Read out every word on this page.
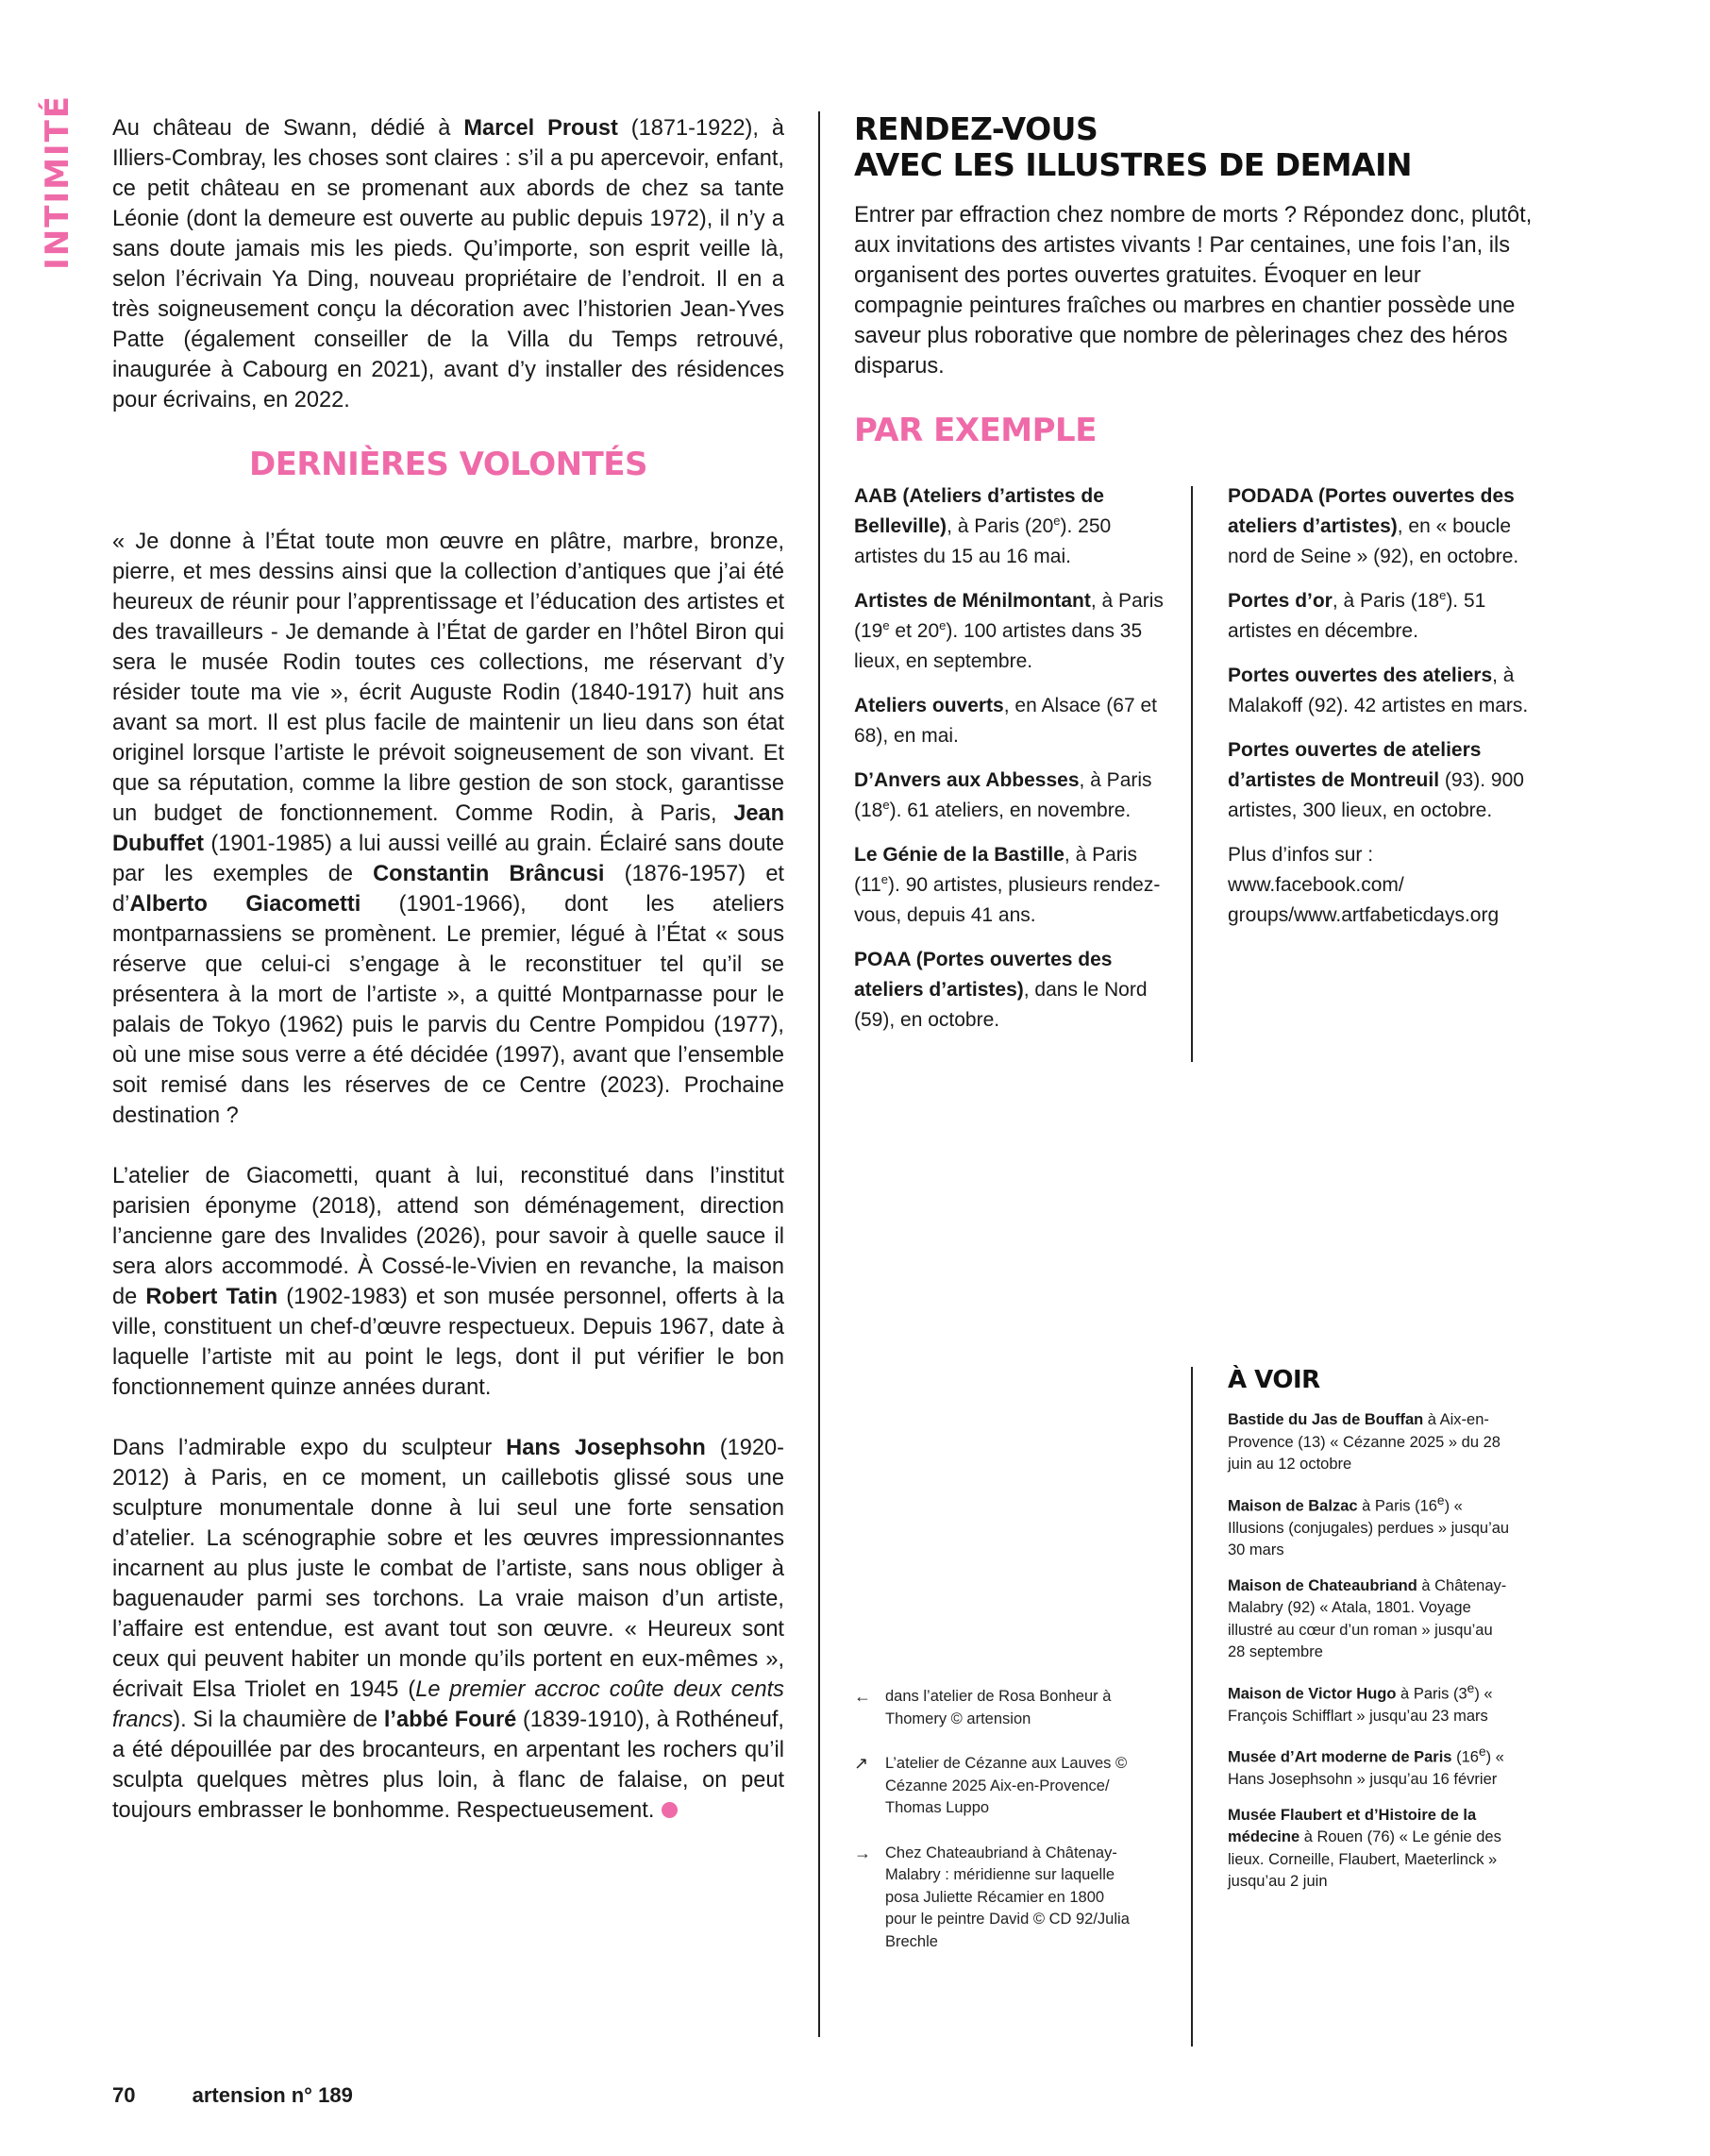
INTIMITÉ Au château de Swann, dédié à Marcel Proust (1871-1922), à Illiers-Combray, les choses sont claires : s’il a pu apercevoir, enfant, ce petit château en se promenant aux abords de chez sa tante Léonie (dont la demeure est ouverte au public depuis 1972), il n’y a sans doute jamais mis les pieds. Qu’importe, son esprit veille là, selon l’écrivain Ya Ding, nouveau propriétaire de l’endroit. Il en a très soigneusement conçu la décoration avec l’historien Jean-Yves Patte (également conseiller de la Villa du Temps retrouvé, inaugurée à Cabourg en 2021), avant d’y installer des résidences pour écrivains, en 2022.

DERNIÈRES VOLONTÉS

« Je donne à l’État toute mon œuvre en plâtre, marbre, bronze, pierre, et mes dessins ainsi que la collection d’antiques que j’ai été heureux de réunir pour l’apprentissage et l’éducation des artistes et des travailleurs - Je demande à l’État de garder en l’hôtel Biron qui sera le musée Rodin toutes ces collections, me réservant d’y résider toute ma vie », écrit Auguste Rodin (1840-1917) huit ans avant sa mort. Il est plus facile de maintenir un lieu dans son état originel lorsque l’artiste le prévoit soigneusement de son vivant. Et que sa réputation, comme la libre gestion de son stock, garantisse un budget de fonctionnement. Comme Rodin, à Paris, Jean Dubuffet (1901-1985) a lui aussi veillé au grain. Éclairé sans doute par les exemples de Constantin Brâncusi (1876-1957) et d’Alberto Giacometti (1901-1966), dont les ateliers montparnassiens se promènent. Le premier, légué à l’État « sous réserve que celui-ci s’engage à le reconstituer tel qu’il se présentera à la mort de l’artiste », a quitté Montparnasse pour le palais de Tokyo (1962) puis le parvis du Centre Pompidou (1977), où une mise sous verre a été décidée (1997), avant que l’ensemble soit remisé dans les réserves de ce Centre (2023). Prochaine destination ?

L’atelier de Giacometti, quant à lui, reconstitué dans l’institut parisien éponyme (2018), attend son déménagement, direction l’ancienne gare des Invalides (2026), pour savoir à quelle sauce il sera alors accommodé. À Cossé-le-Vivien en revanche, la maison de Robert Tatin (1902-1983) et son musée personnel, offerts à la ville, constituent un chef-d’œuvre respectueux. Depuis 1967, date à laquelle l’artiste mit au point le legs, dont il put vérifier le bon fonctionnement quinze années durant.

Dans l’admirable expo du sculpteur Hans Josephsohn (1920-2012) à Paris, en ce moment, un caillebotis glissé sous une sculpture monumentale donne à lui seul une forte sensation d’atelier. La scénographie sobre et les œuvres impressionnantes incarnent au plus juste le combat de l’artiste, sans nous obliger à baguenauder parmi ses torchons. La vraie maison d’un artiste, l’affaire est entendue, est avant tout son œuvre. « Heureux sont ceux qui peuvent habiter un monde qu’ils portent en eux-mêmes », écrivait Elsa Triolet en 1945 (Le premier accroc coûte deux cents francs). Si la chaumière de l’abbé Fouré (1839-1910), à Rothéneuf, a été dépouillée par des brocanteurs, en arpentant les rochers qu’il sculpta quelques mètres plus loin, à flanc de falaise, on peut toujours embrasser le bonhomme. Respectueusement.

RENDEZ-VOUS
AVEC LES ILLUSTRES DE DEMAIN
Entrer par effraction chez nombre de morts ? Répondez donc, plutôt, aux invitations des artistes vivants ! Par centaines, une fois l’an, ils organisent des portes ouvertes gratuites. Évoquer en leur compagnie peintures fraîches ou marbres en chantier possède une saveur plus roborative que nombre de pèlerinages chez des héros disparus.
PAR EXEMPLE
AAB (Ateliers d’artistes de Belleville), à Paris (20e). 250 artistes du 15 au 16 mai.
Artistes de Ménilmontant, à Paris (19e et 20e). 100 artistes dans 35 lieux, en septembre.
Ateliers ouverts, en Alsace (67 et 68), en mai.
D’Anvers aux Abbesses, à Paris (18e). 61 ateliers, en novembre.
Le Génie de la Bastille, à Paris (11e). 90 artistes, plusieurs rendez-vous, depuis 41 ans.
POAA (Portes ouvertes des ateliers d’artistes), dans le Nord (59), en octobre.
PODADA (Portes ouvertes des ateliers d’artistes), en « boucle nord de Seine » (92), en octobre.
Portes d’or, à Paris (18e). 51 artistes en décembre.
Portes ouvertes des ateliers, à Malakoff (92). 42 artistes en mars.
Portes ouvertes de ateliers d’artistes de Montreuil (93). 900 artistes, 300 lieux, en octobre.
Plus d’infos sur : www.facebook.com/ groups/www.artfabeticdays.org
À VOIR
Bastide du Jas de Bouffan à Aix-en-Provence (13) « Cézanne 2025 » du 28 juin au 12 octobre
Maison de Balzac à Paris (16e) « Illusions (conjugales) perdues » jusqu’au 30 mars
Maison de Chateaubriand à Châtenay-Malabry (92) « Atala, 1801. Voyage illustré au cœur d’un roman » jusqu’au 28 septembre
Maison de Victor Hugo à Paris (3e) « François Schifflart » jusqu’au 23 mars
Musée d’Art moderne de Paris (16e) « Hans Josephsohn » jusqu’au 16 février
Musée Flaubert et d’Histoire de la médecine à Rouen (76) « Le génie des lieux. Corneille, Flaubert, Maeterlinck » jusqu’au 2 juin
← dans l’atelier de Rosa Bonheur à Thomery © artension
↗ L’atelier de Cézanne aux Lauves © Cézanne 2025 Aix-en-Provence/ Thomas Luppo
→ Chez Chateaubriand à Châtenay-Malabry : méridienne sur laquelle posa Juliette Récamier en 1800 pour le peintre David © CD 92/Julia Brechle
70	artension n° 189
